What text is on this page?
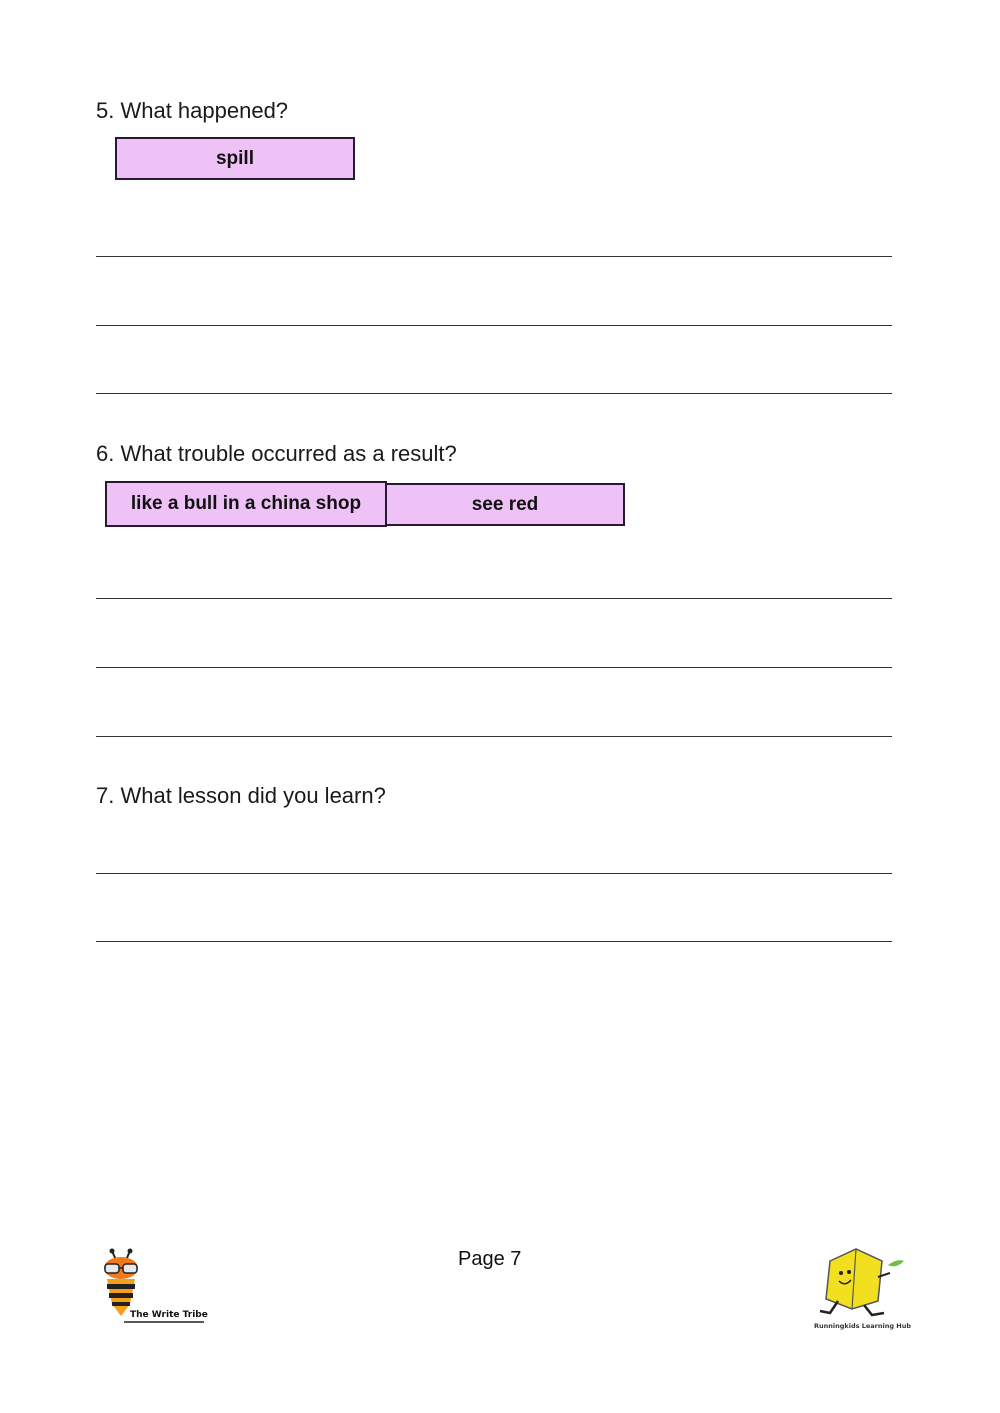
5. What happened?
spill
6. What trouble occurred as a result?
see red
like a bull in a china shop
7. What lesson did you learn?
Page 7
The Write Tribe
Runningkids Learning Hub
